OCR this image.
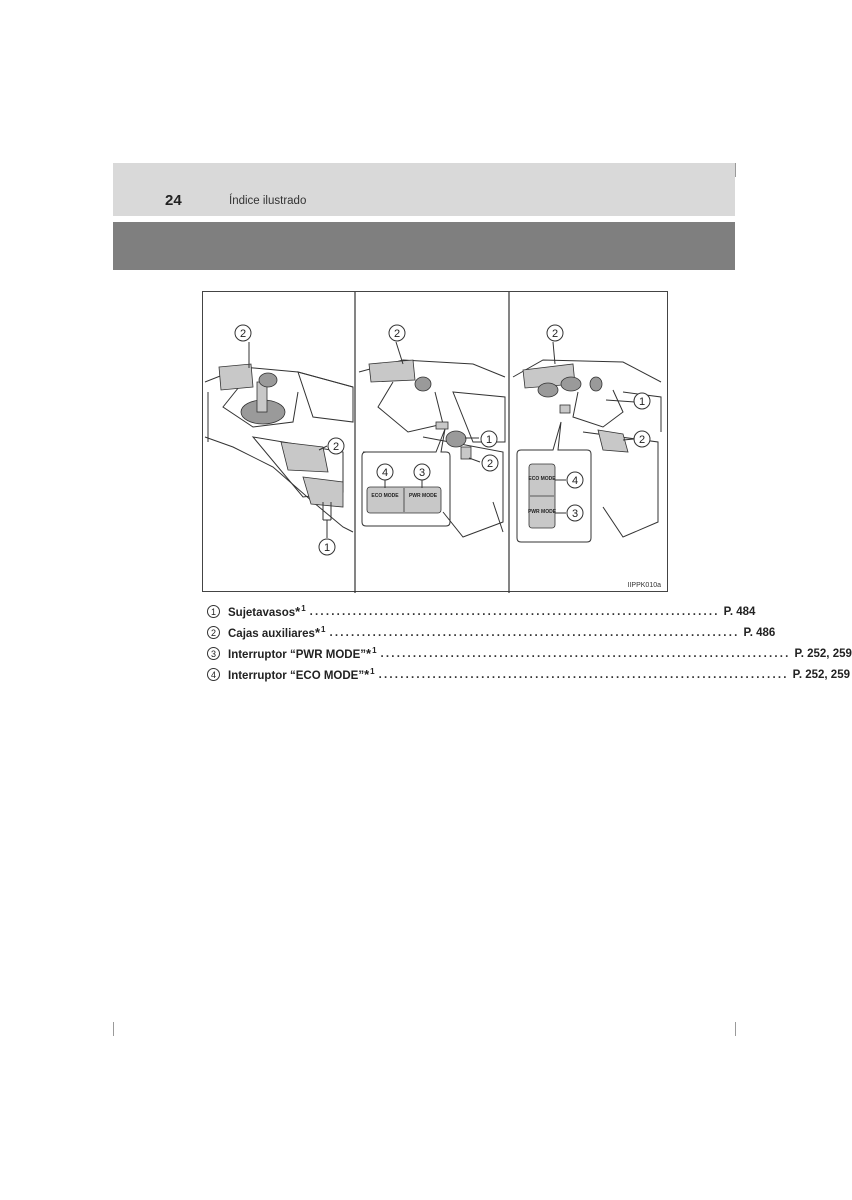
24	Índice ilustrado
2
2
1
ECO MODE PWR MODE
2
1
2
4	3	ECO MODE
PWR MODE
2
1
2
4
3
IIPPK010a
1	Sujetavasos*$^1$ ............................................................................ P. 484
2	Cajas auxiliares*$^1$ ............................................................................ P. 486
3	Interruptor “PWR MODE”*$^1$ ............................................................................ P. 252, 259
4	Interruptor “ECO MODE”*$^1$ ............................................................................ P. 252, 259
